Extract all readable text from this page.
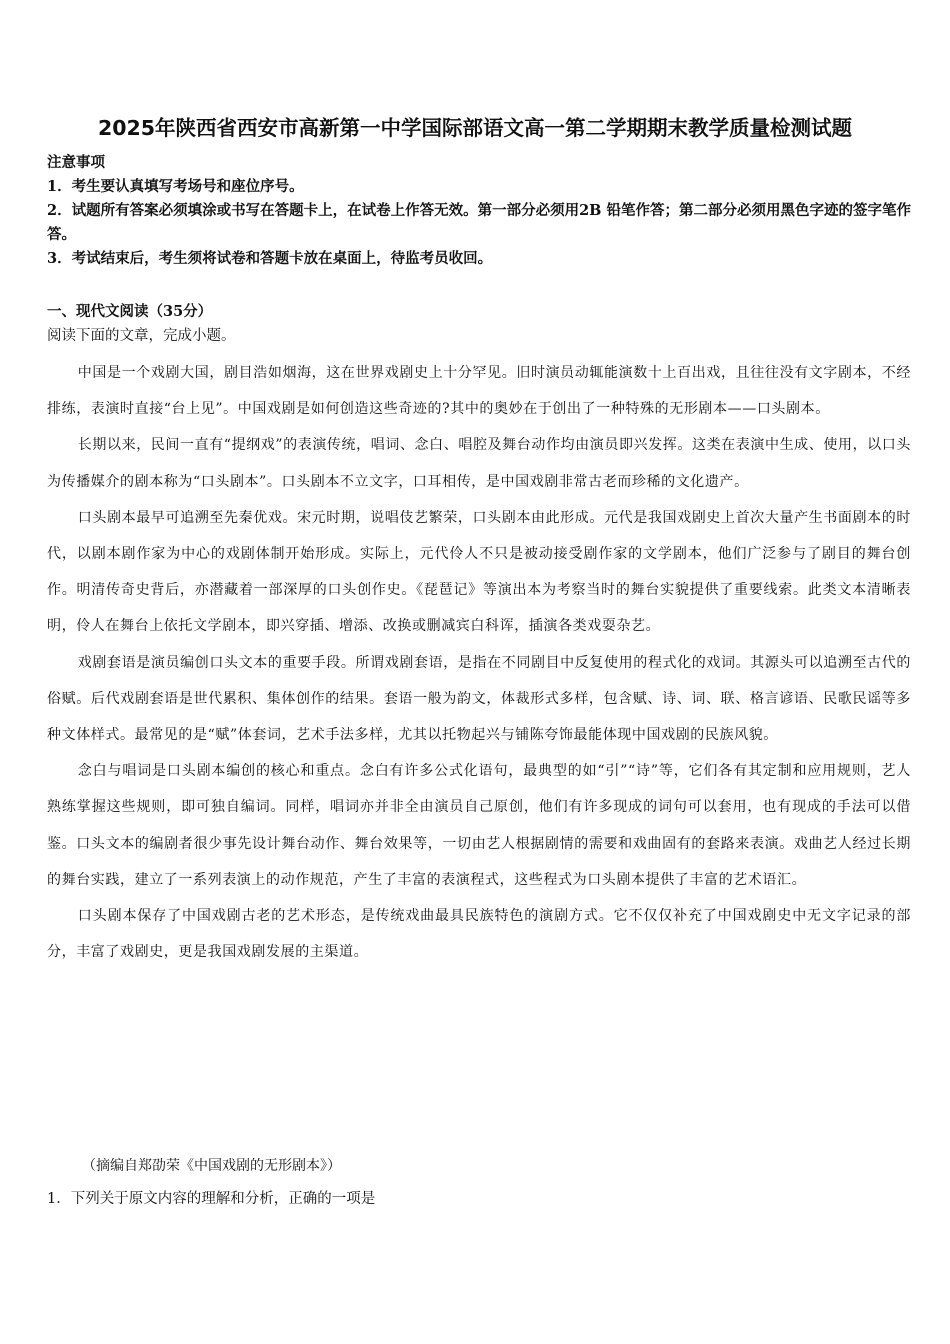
2025年陕西省西安市高新第一中学国际部语文高一第二学期期末教学质量检测试题

注意事项

1．考生要认真填写考场号和座位序号。

2．试题所有答案必须填涂或书写在答题卡上，在试卷上作答无效。第一部分必须用2B 铅笔作答；第二部分必须用黑色字迹的签字笔作答。

3．考试结束后，考生须将试卷和答题卡放在桌面上，待监考员收回。

一、现代文阅读（35分）
阅读下面的文章，完成小题。

中国是一个戏剧大国，剧目浩如烟海，这在世界戏剧史上十分罕见。旧时演员动辄能演数十上百出戏，且往往没有文字剧本，不经排练，表演时直接“台上见”。中国戏剧是如何创造这些奇迹的?其中的奥妙在于创出了一种特殊的无形剧本——口头剧本。

长期以来，民间一直有“提纲戏”的表演传统，唱词、念白、唱腔及舞台动作均由演员即兴发挥。这类在表演中生成、使用，以口头为传播媒介的剧本称为“口头剧本”。口头剧本不立文字，口耳相传，是中国戏剧非常古老而珍稀的文化遗产。

口头剧本最早可追溯至先秦优戏。宋元时期，说唱伎艺繁荣，口头剧本由此形成。元代是我国戏剧史上首次大量产生书面剧本的时代，以剧本剧作家为中心的戏剧体制开始形成。实际上，元代伶人不只是被动接受剧作家的文学剧本，他们广泛参与了剧目的舞台创作。明清传奇史背后，亦潜藏着一部深厚的口头创作史。《琵琶记》等演出本为考察当时的舞台实貌提供了重要线索。此类文本清晰表明，伶人在舞台上依托文学剧本，即兴穿插、增添、改换或删减宾白科诨，插演各类戏耍杂艺。

戏剧套语是演员编创口头文本的重要手段。所谓戏剧套语，是指在不同剧目中反复使用的程式化的戏词。其源头可以追溯至古代的俗赋。后代戏剧套语是世代累积、集体创作的结果。套语一般为韵文，体裁形式多样，包含赋、诗、词、联、格言谚语、民歌民谣等多种文体样式。最常见的是“赋”体套词，艺术手法多样，尤其以托物起兴与铺陈夸饰最能体现中国戏剧的民族风貌。

念白与唱词是口头剧本编创的核心和重点。念白有许多公式化语句，最典型的如“引”“诗”等，它们各有其定制和应用规则，艺人熟练掌握这些规则，即可独自编词。同样，唱词亦并非全由演员自己原创，他们有许多现成的词句可以套用，也有现成的手法可以借鉴。口头文本的编剧者很少事先设计舞台动作、舞台效果等，一切由艺人根据剧情的需要和戏曲固有的套路来表演。戏曲艺人经过长期的舞台实践，建立了一系列表演上的动作规范，产生了丰富的表演程式，这些程式为口头剧本提供了丰富的艺术语汇。

口头剧本保存了中国戏剧古老的艺术形态，是传统戏曲最具民族特色的演剧方式。它不仅仅补充了中国戏剧史中无文字记录的部分，丰富了戏剧史，更是我国戏剧发展的主渠道。

（摘编自郑劭荣《中国戏剧的无形剧本》）
1．下列关于原文内容的理解和分析，正确的一项是
